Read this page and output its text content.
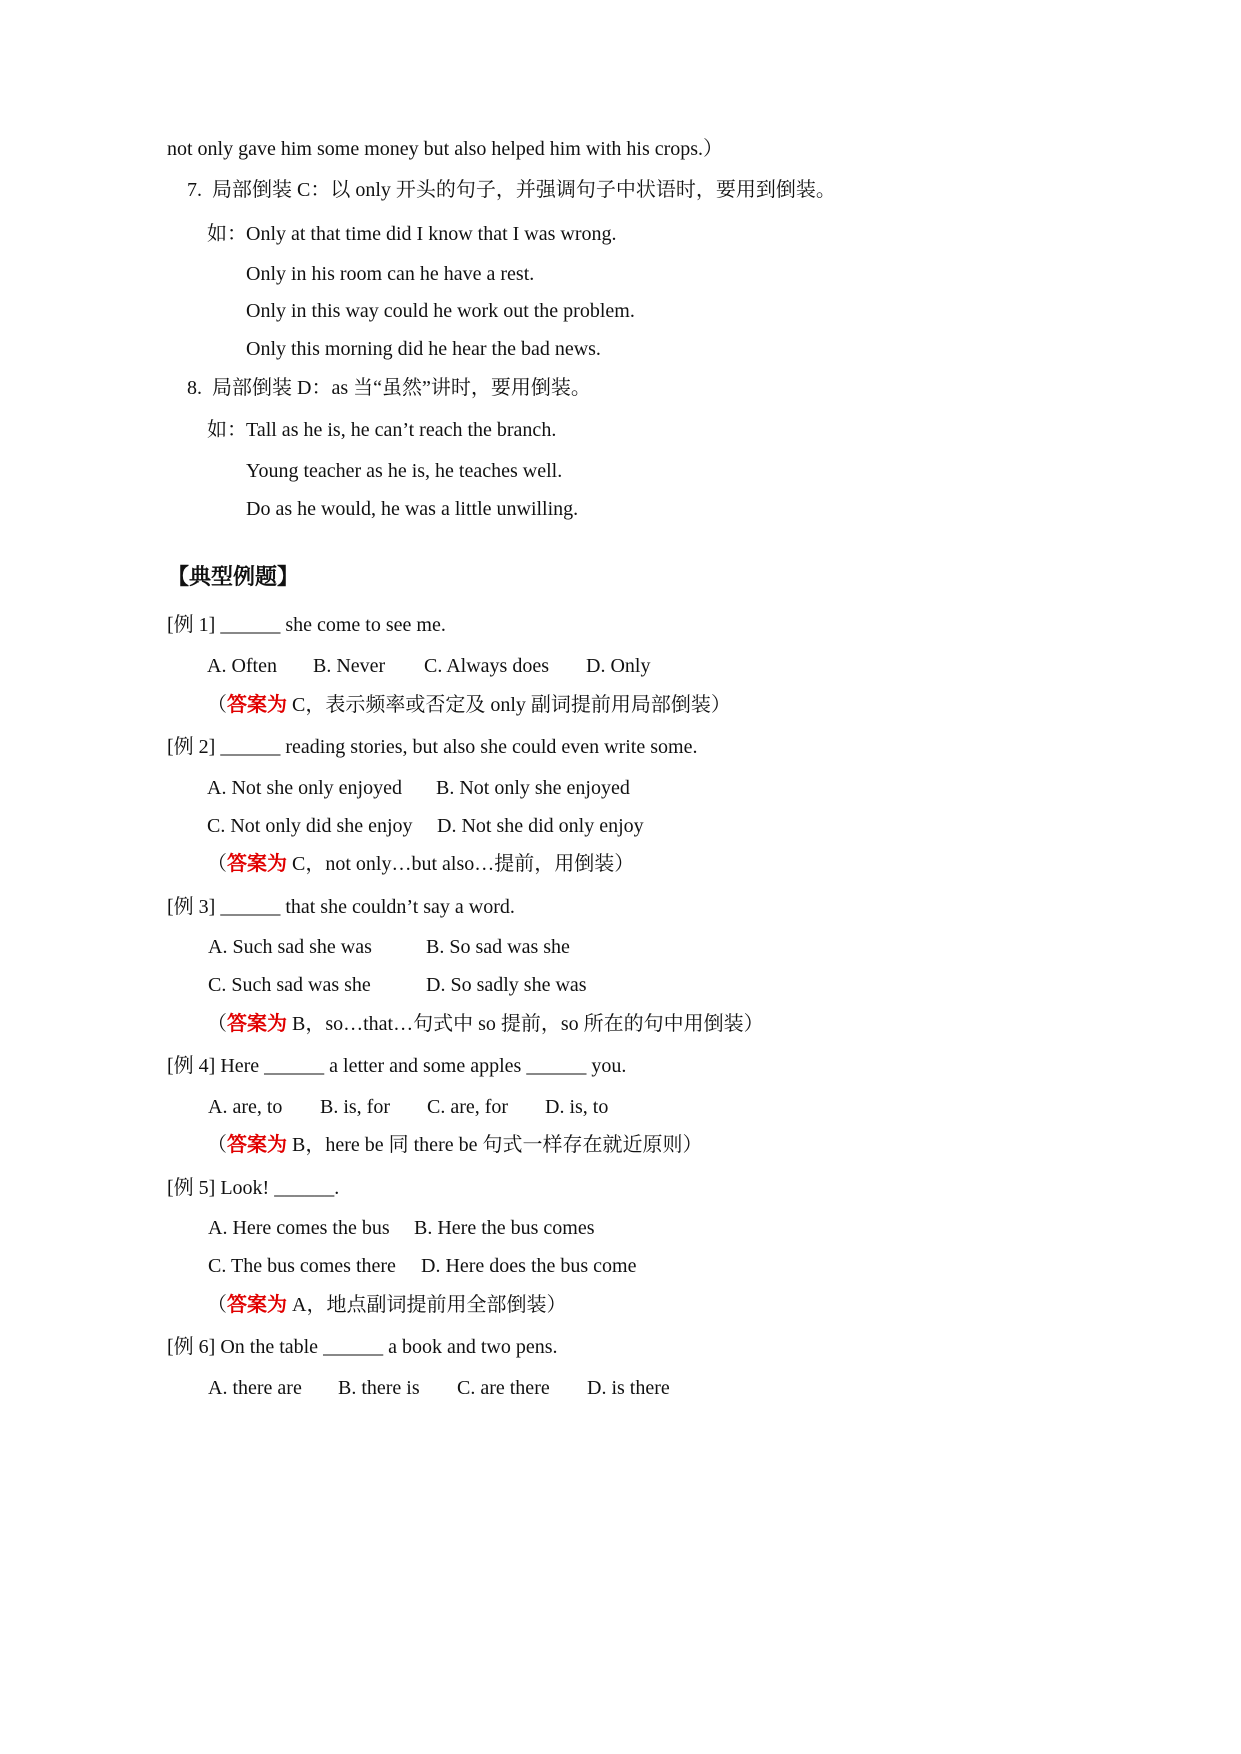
not only gave him some money but also helped him with his crops.）
7.  局部倒装 C：以 only 开头的句子，并强调句子中状语时，要用到倒装。
如： Only at that time did I know that I was wrong.
Only in his room can he have a rest.
Only in this way could he work out the problem.
Only this morning did he hear the bad news.
8.  局部倒装 D：as 当“虽然”讲时，要用倒装。
如： Tall as he is, he can’t reach the branch.
Young teacher as he is, he teaches well.
Do as he would, he was a little unwilling.
【典型例题】
[例 1] ______ she come to see me.
A. Often B. Never C. Always does D. Only
（答案为 C，表示频率或否定及 only 副词提前用局部倒装）
[例 2] ______ reading stories, but also she could even write some.
A. Not she only enjoyed B. Not only she enjoyed
C. Not only did she enjoy D. Not she did only enjoy
（答案为 C，not only…but also…提前，用倒装）
[例 3] ______ that she couldn’t say a word.
A. Such sad she was	B. So sad was she
C. Such sad was she	D. So sadly she was
（答案为 B，so…that…句式中 so 提前，so 所在的句中用倒装）
[例 4] Here ______ a letter and some apples ______ you.
A. are, to B. is, for C. are, for D. is, to
（答案为 B，here be 同 there be 句式一样存在就近原则）
[例 5] Look! ______.
A. Here comes the bus B. Here the bus comes
C. The bus comes there D. Here does the bus come
（答案为 A，地点副词提前用全部倒装）
[例 6] On the table ______ a book and two pens.
A. there are B. there is C. are there D. is there
